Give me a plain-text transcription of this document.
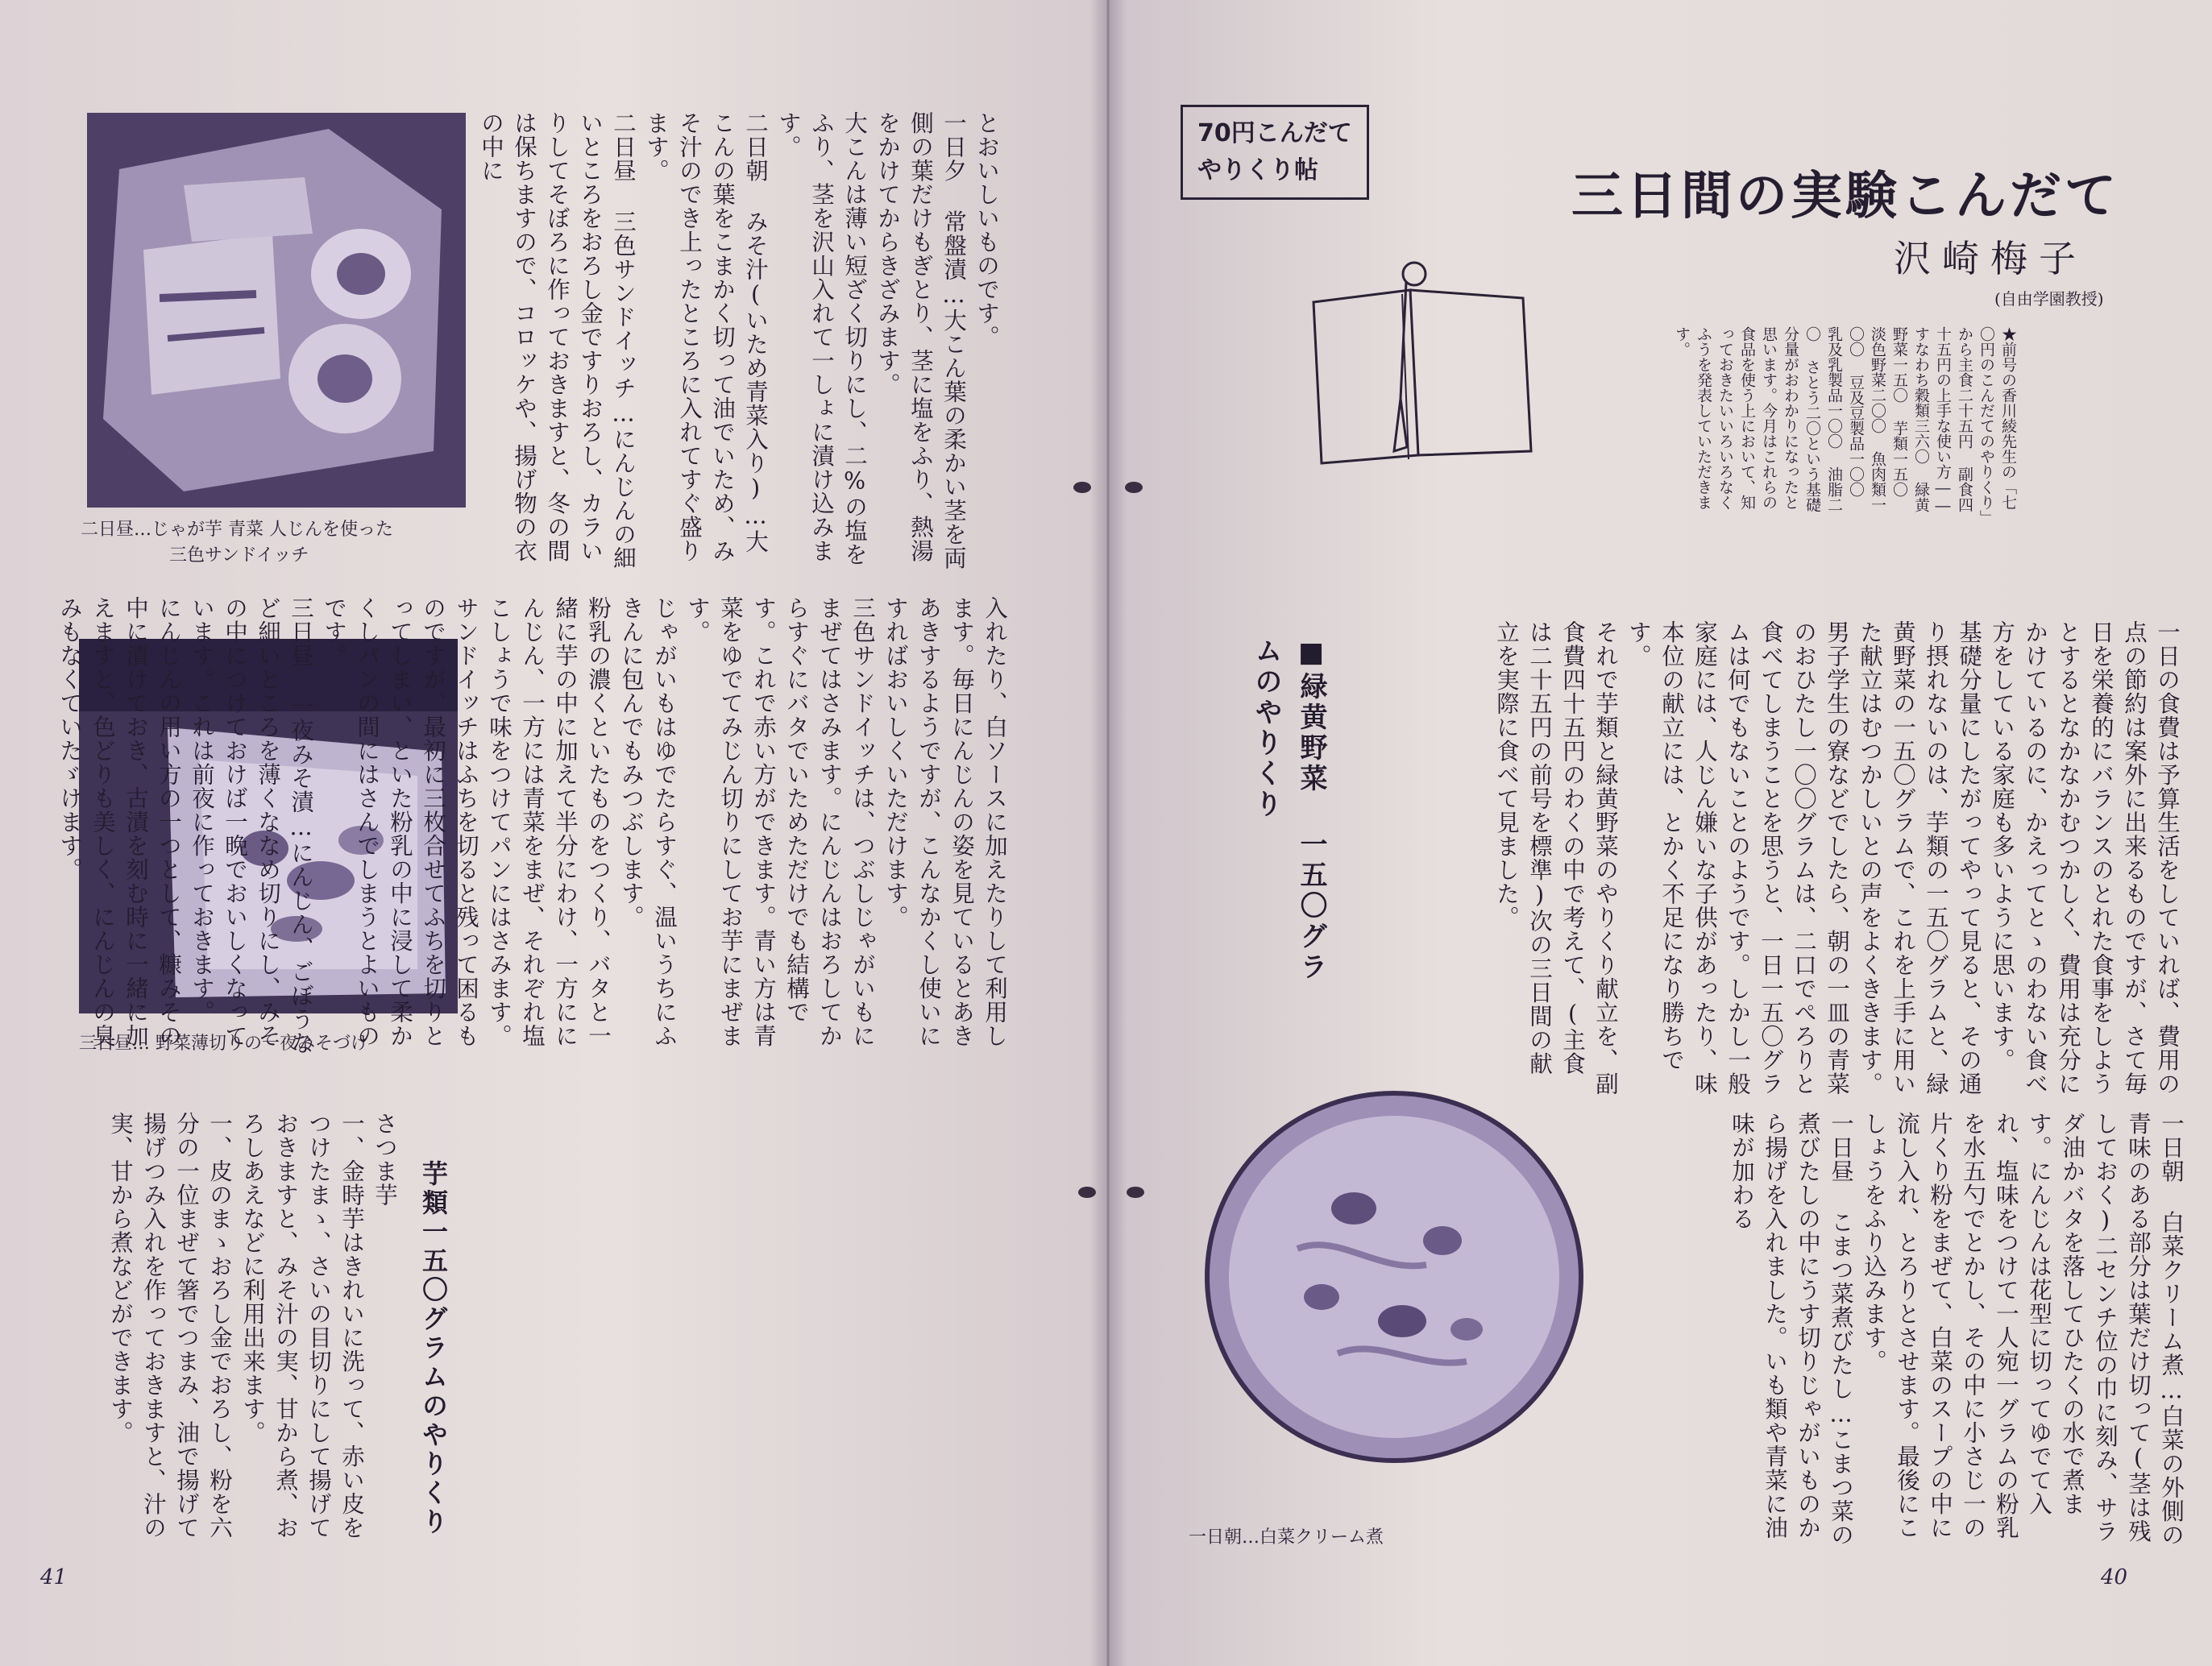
二日昼…じゃが芋 青菜 人じんを使った
三色サンドイッチ
三日昼… 野菜薄切りの一夜みそづけ

とおいしいものです。
一日夕 常盤漬…大こん葉の柔かい茎を両側の葉だけもぎとり、茎に塩をふり、熱湯をかけてからきざみます。
大こんは薄い短ざく切りにし、二%の塩をふり、茎を沢山入れて一しょに漬け込みます。
二日朝 みそ汁(いため青菜入り)…大こんの葉をこまかく切って油でいため、みそ汁のでき上ったところに入れてすぐ盛ります。
二日昼 三色サンドイッチ…にんじんの細いところをおろし金ですりおろし、カラいりしてそぼろに作っておきますと、冬の間は保ちますので、コロッケや、揚げ物の衣の中に

入れたり、白ソースに加えたりして利用します。毎日にんじんの姿を見ているとあきあきするようですが、こんなかくし使いにすればおいしくいただけます。
三色サンドイッチは、つぶしじゃがいもにまぜてはさみます。にんじんはおろしてからすぐにバタでいためただけでも結構です。これで赤い方ができます。青い方は青菜をゆでてみじん切りにしてお芋にまぜます。
じゃがいもはゆでたらすぐ、温いうちにふきんに包んでもみつぶします。
粉乳の濃くといたものをつくり、バタと一緒に芋の中に加えて半分にわけ、一方ににんじん、一方には青菜をまぜ、それぞれ塩こしょうで味をつけてパンにはさみます。
サンドイッチはふちを切ると残って困るものですが、最初に三枚合せてふちを切りとってしまい、といた粉乳の中に浸して柔かくしパンの間にはさんでしまうとよいものです。
三日昼 一夜みそ漬…にんじん、ごぼうなど細いところを薄くななめ切りにし、みその中につけておけば一晩でおいしくなっています。これは前夜に作っておきます。
にんじんの用い方の一つとして、糠みその中に漬けておき、古漬を刻む時に一緒に加えますと、色どりも美しく、にんじんの臭みもなくていたゞけます。

芋類一五〇グラムのやりくり

さつま芋
一、金時芋はきれいに洗って、赤い皮をつけたまゝ、さいの目切りにして揚げておきますと、みそ汁の実、甘から煮、おろしあえなどに利用出来ます。
一、皮のまゝおろし金でおろし、粉を六分の一位まぜて箸でつまみ、油で揚げて揚げつみ入れを作っておきますと、汁の実、甘から煮などができます。

41
70円こんだて
やりくり帖	三日間の実験こんだて
沢崎梅子
(自由学園教授)
★前号の香川綾先生の「七〇円のこんだてのやりくり」から主食二十五円 副食四十五円の上手な使い方――すなわち穀類三六〇 緑黄野菜一五〇 芋類一五〇 淡色野菜二〇〇 魚肉類一〇〇 豆及豆製品一〇〇 乳及乳製品一〇〇 油脂二〇 さとう二〇という基礎分量がおわかりになったと思います。今月はこれらの食品を使う上において、知っておきたいいろいろなくふうを発表していただきます。

一日の食費は予算生活をしていれば、費用の点の節約は案外に出来るものですが、さて毎日を栄養的にバランスのとれた食事をしようとするとなかなかむつかしく、費用は充分にかけているのに、かえってとゝのわない食べ方をしている家庭も多いように思います。
基礎分量にしたがってやって見ると、その通り摂れないのは、芋類の一五〇グラムと、緑黄野菜の一五〇グラムで、これを上手に用いた献立はむつかしいとの声をよくききます。
男子学生の寮などでしたら、朝の一皿の青菜のおひたし一〇〇グラムは、二口でぺろりと食べてしまうことを思うと、一日一五〇グラムは何でもないことのようです。しかし一般家庭には、人じん嫌いな子供があったり、味本位の献立には、とかく不足になり勝ちです。
それで芋類と緑黄野菜のやりくり献立を、副食費四十五円のわくの中で考えて、(主食は二十五円の前号を標準)次の三日間の献立を実際に食べて見ました。

■緑黄野菜 一五〇グラムのやりくり
一日朝…白菜クリーム煮

一日朝 白菜クリーム煮…白菜の外側の青味のある部分は葉だけ切って(茎は残しておく)二センチ位の巾に刻み、サラダ油かバタを落してひたくの水で煮ます。にんじんは花型に切ってゆでて入れ、塩味をつけて一人宛一グラムの粉乳を水五勺でとかし、その中に小さじ一の片くり粉をまぜて、白菜のスープの中に流し入れ、とろりとさせます。最後にこしょうをふり込みます。
一日昼 こまつ菜煮びたし…こまつ菜の煮びたしの中にうす切りじゃがいものから揚げを入れました。いも類や青菜に油味が加わる

40
